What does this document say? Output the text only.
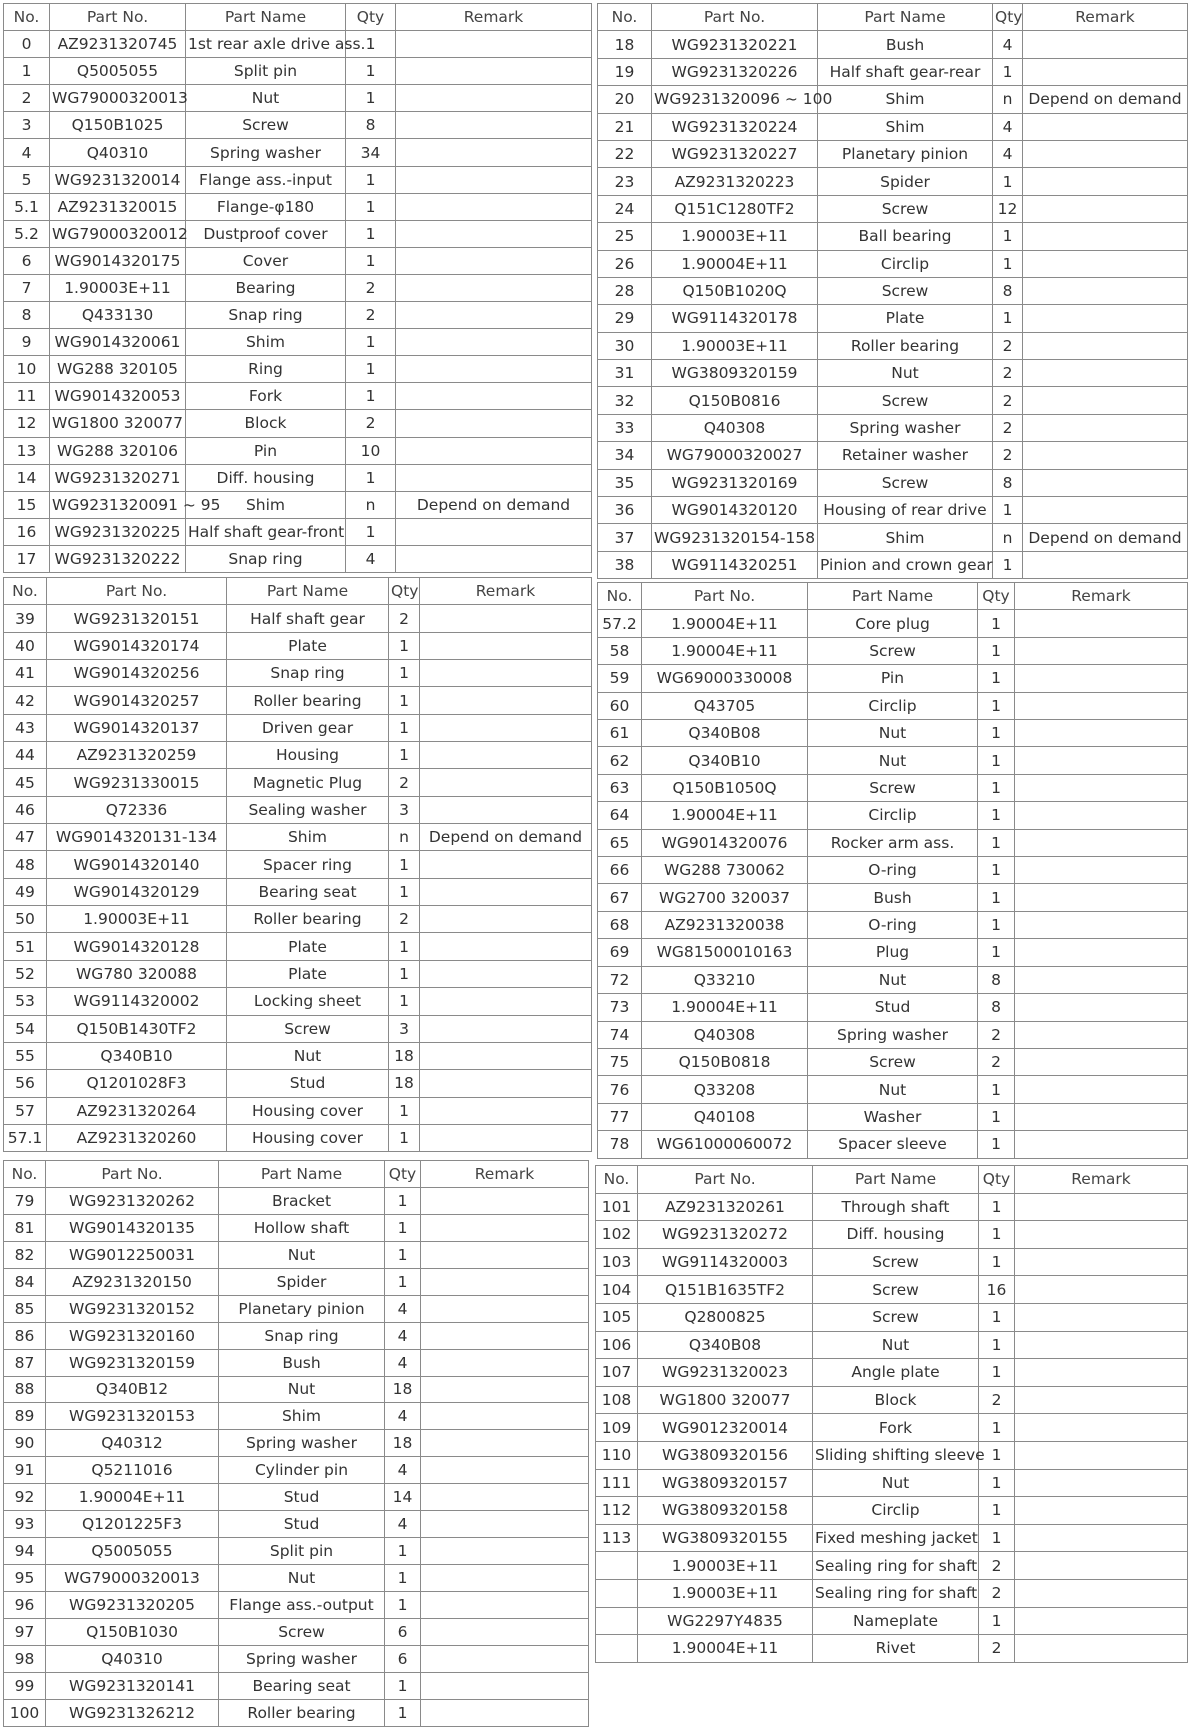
No.	Part No.	Part Name	Qty	Remark
0	AZ9231320745	1st rear axle drive ass.	1	
1	Q5005055	Split pin	1	
2	WG79000320013	Nut	1	
3	Q150B1025	Screw	8	
4	Q40310	Spring washer	34	
5	WG9231320014	Flange ass.-input	1	
5.1	AZ9231320015	Flange-φ180	1	
5.2	WG79000320012	Dustproof cover	1	
6	WG9014320175	Cover	1	
7	1.90003E+11	Bearing	2	
8	Q433130	Snap ring	2	
9	WG9014320061	Shim	1	
10	WG288 320105	Ring	1	
11	WG9014320053	Fork	1	
12	WG1800 320077	Block	2	
13	WG288 320106	Pin	10	
14	WG9231320271	Diff. housing	1	
15	WG9231320091 ~ 95	Shim	n	Depend on demand
16	WG9231320225	Half shaft gear-front	1	
17	WG9231320222	Snap ring	4	
No.	Part No.	Part Name	Qty	Remark
18	WG9231320221	Bush	4	
19	WG9231320226	Half shaft gear-rear	1	
20	WG9231320096 ~ 100	Shim	n	Depend on demand
21	WG9231320224	Shim	4	
22	WG9231320227	Planetary pinion	4	
23	AZ9231320223	Spider	1	
24	Q151C1280TF2	Screw	12	
25	1.90003E+11	Ball bearing	1	
26	1.90004E+11	Circlip	1	
28	Q150B1020Q	Screw	8	
29	WG9114320178	Plate	1	
30	1.90003E+11	Roller bearing	2	
31	WG3809320159	Nut	2	
32	Q150B0816	Screw	2	
33	Q40308	Spring washer	2	
34	WG79000320027	Retainer washer	2	
35	WG9231320169	Screw	8	
36	WG9014320120	Housing of rear drive	1	
37	WG9231320154-158	Shim	n	Depend on demand
38	WG9114320251	Pinion and crown gear	1	
No.	Part No.	Part Name	Qty	Remark
39	WG9231320151	Half shaft gear	2	
40	WG9014320174	Plate	1	
41	WG9014320256	Snap ring	1	
42	WG9014320257	Roller bearing	1	
43	WG9014320137	Driven gear	1	
44	AZ9231320259	Housing	1	
45	WG9231330015	Magnetic Plug	2	
46	Q72336	Sealing washer	3	
47	WG9014320131-134	Shim	n	Depend on demand
48	WG9014320140	Spacer ring	1	
49	WG9014320129	Bearing seat	1	
50	1.90003E+11	Roller bearing	2	
51	WG9014320128	Plate	1	
52	WG780 320088	Plate	1	
53	WG9114320002	Locking sheet	1	
54	Q150B1430TF2	Screw	3	
55	Q340B10	Nut	18	
56	Q1201028F3	Stud	18	
57	AZ9231320264	Housing cover	1	
57.1	AZ9231320260	Housing cover	1	
No.	Part No.	Part Name	Qty	Remark
57.2	1.90004E+11	Core plug	1	
58	1.90004E+11	Screw	1	
59	WG69000330008	Pin	1	
60	Q43705	Circlip	1	
61	Q340B08	Nut	1	
62	Q340B10	Nut	1	
63	Q150B1050Q	Screw	1	
64	1.90004E+11	Circlip	1	
65	WG9014320076	Rocker arm ass.	1	
66	WG288 730062	O-ring	1	
67	WG2700 320037	Bush	1	
68	AZ9231320038	O-ring	1	
69	WG81500010163	Plug	1	
72	Q33210	Nut	8	
73	1.90004E+11	Stud	8	
74	Q40308	Spring washer	2	
75	Q150B0818	Screw	2	
76	Q33208	Nut	1	
77	Q40108	Washer	1	
78	WG61000060072	Spacer sleeve	1	
No.	Part No.	Part Name	Qty	Remark
79	WG9231320262	Bracket	1	
81	WG9014320135	Hollow shaft	1	
82	WG9012250031	Nut	1	
84	AZ9231320150	Spider	1	
85	WG9231320152	Planetary pinion	4	
86	WG9231320160	Snap ring	4	
87	WG9231320159	Bush	4	
88	Q340B12	Nut	18	
89	WG9231320153	Shim	4	
90	Q40312	Spring washer	18	
91	Q5211016	Cylinder pin	4	
92	1.90004E+11	Stud	14	
93	Q1201225F3	Stud	4	
94	Q5005055	Split pin	1	
95	WG79000320013	Nut	1	
96	WG9231320205	Flange ass.-output	1	
97	Q150B1030	Screw	6	
98	Q40310	Spring washer	6	
99	WG9231320141	Bearing seat	1	
100	WG9231326212	Roller bearing	1	
No.	Part No.	Part Name	Qty	Remark
101	AZ9231320261	Through shaft	1	
102	WG9231320272	Diff. housing	1	
103	WG9114320003	Screw	1	
104	Q151B1635TF2	Screw	16	
105	Q2800825	Screw	1	
106	Q340B08	Nut	1	
107	WG9231320023	Angle plate	1	
108	WG1800 320077	Block	2	
109	WG9012320014	Fork	1	
110	WG3809320156	Sliding shifting sleeve	1	
111	WG3809320157	Nut	1	
112	WG3809320158	Circlip	1	
113	WG3809320155	Fixed meshing jacket	1	
	1.90003E+11	Sealing ring for shaft	2	
	1.90003E+11	Sealing ring for shaft	2	
	WG2297Y4835	Nameplate	1	
	1.90004E+11	Rivet	2	
